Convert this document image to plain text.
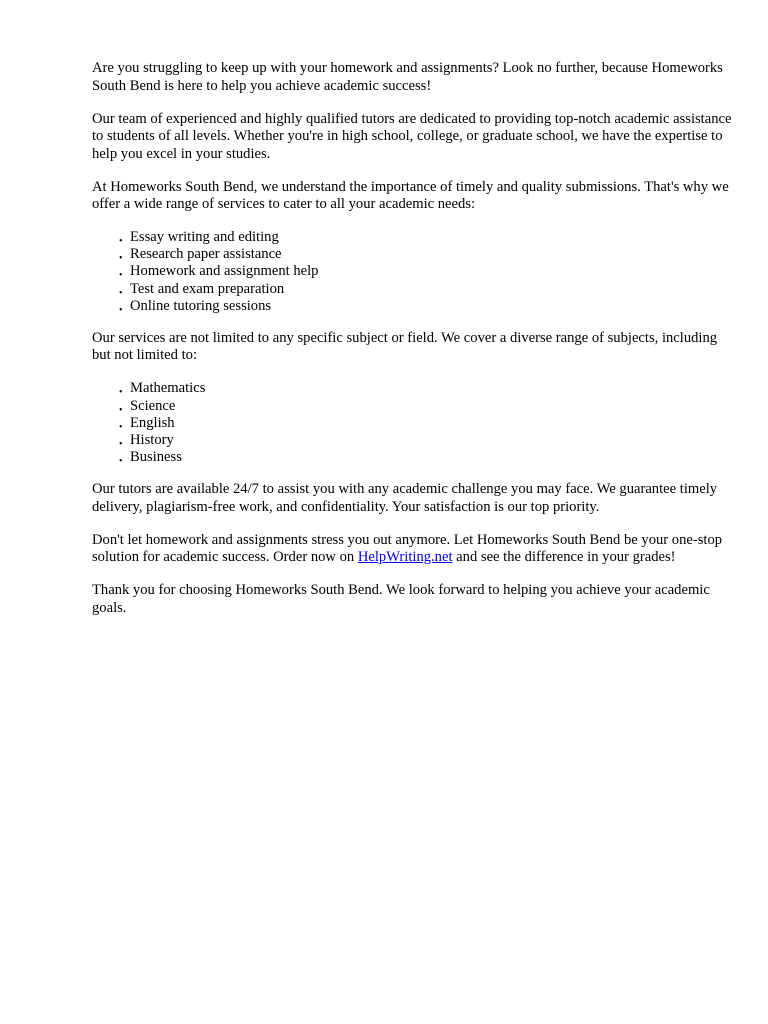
Are you struggling to keep up with your homework and assignments? Look no further, because Homeworks South Bend is here to help you achieve academic success!

Our team of experienced and highly qualified tutors are dedicated to providing top-notch academic assistance to students of all levels. Whether you're in high school, college, or graduate school, we have the expertise to help you excel in your studies.

At Homeworks South Bend, we understand the importance of timely and quality submissions. That's why we offer a wide range of services to cater to all your academic needs:

• Essay writing and editing
• Research paper assistance
• Homework and assignment help
• Test and exam preparation
• Online tutoring sessions

Our services are not limited to any specific subject or field. We cover a diverse range of subjects, including but not limited to:

• Mathematics
• Science
• English
• History
• Business

Our tutors are available 24/7 to assist you with any academic challenge you may face. We guarantee timely delivery, plagiarism-free work, and confidentiality. Your satisfaction is our top priority.

Don't let homework and assignments stress you out anymore. Let Homeworks South Bend be your one-stop solution for academic success. Order now on HelpWriting.net and see the difference in your grades!

Thank you for choosing Homeworks South Bend. We look forward to helping you achieve your academic goals.
